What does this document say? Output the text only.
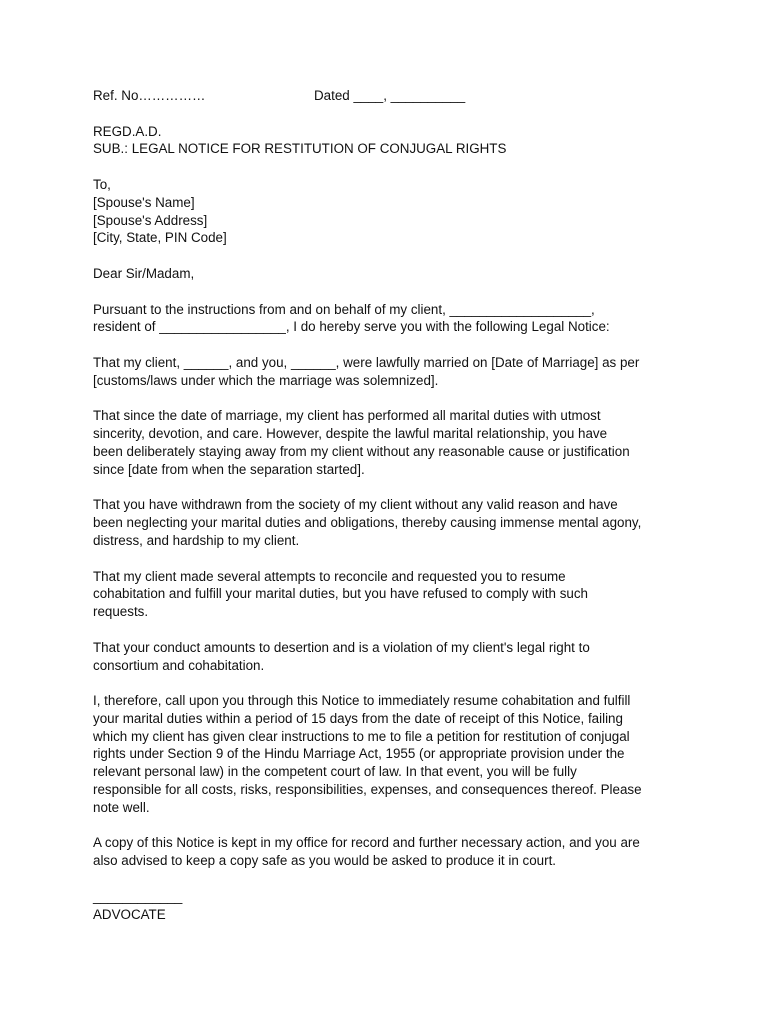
Ref. No……………	Dated ____, __________
REGD.A.D.
SUB.: LEGAL NOTICE FOR RESTITUTION OF CONJUGAL RIGHTS
To,
[Spouse's Name]
[Spouse's Address]
[City, State, PIN Code]
Dear Sir/Madam,
Pursuant to the instructions from and on behalf of my client, ___________________,
resident of _________________, I do hereby serve you with the following Legal Notice:
That my client, ______, and you, ______, were lawfully married on [Date of Marriage] as per
[customs/laws under which the marriage was solemnized].
That since the date of marriage, my client has performed all marital duties with utmost
sincerity, devotion, and care. However, despite the lawful marital relationship, you have
been deliberately staying away from my client without any reasonable cause or justification
since [date from when the separation started].
That you have withdrawn from the society of my client without any valid reason and have
been neglecting your marital duties and obligations, thereby causing immense mental agony,
distress, and hardship to my client.
That my client made several attempts to reconcile and requested you to resume
cohabitation and fulfill your marital duties, but you have refused to comply with such
requests.
That your conduct amounts to desertion and is a violation of my client's legal right to
consortium and cohabitation.
I, therefore, call upon you through this Notice to immediately resume cohabitation and fulfill
your marital duties within a period of 15 days from the date of receipt of this Notice, failing
which my client has given clear instructions to me to file a petition for restitution of conjugal
rights under Section 9 of the Hindu Marriage Act, 1955 (or appropriate provision under the
relevant personal law) in the competent court of law. In that event, you will be fully
responsible for all costs, risks, responsibilities, expenses, and consequences thereof. Please
note well.
A copy of this Notice is kept in my office for record and further necessary action, and you are
also advised to keep a copy safe as you would be asked to produce it in court.
____________
ADVOCATE
